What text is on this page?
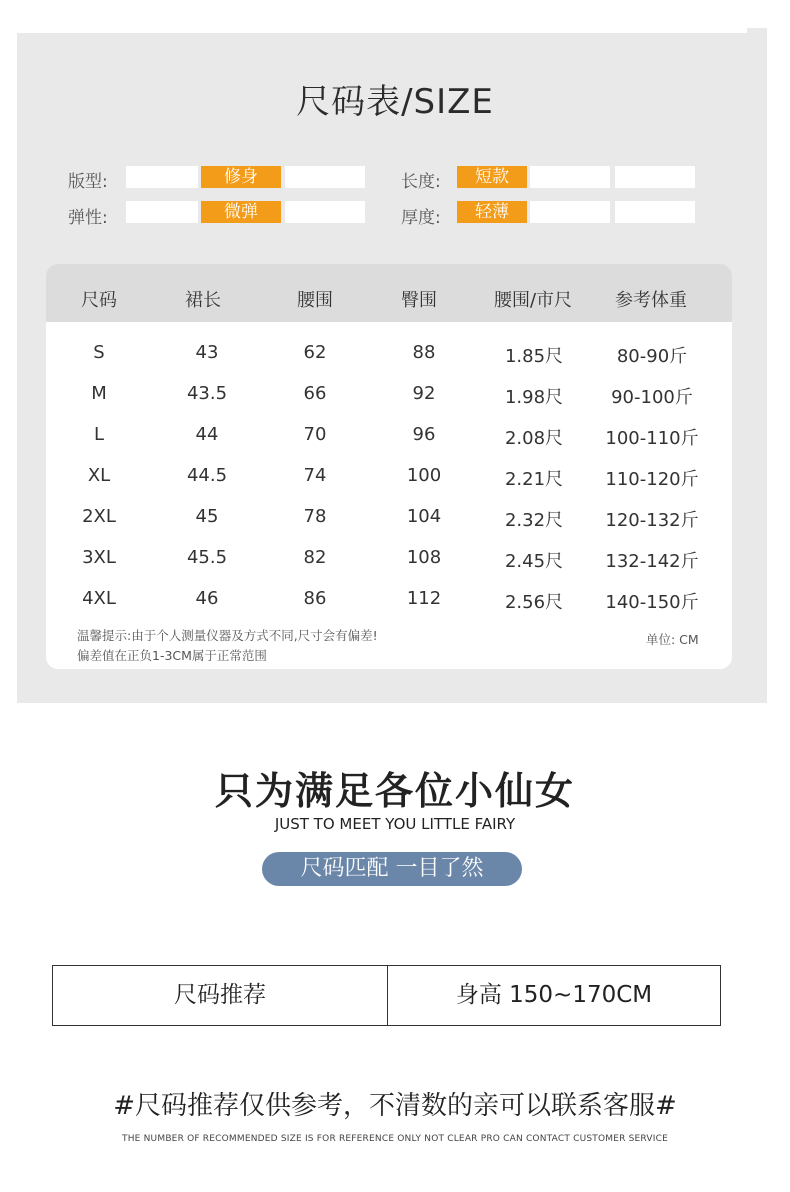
尺码表/SIZE
版型:	修身	长度:	短款
弹性:	微弹	厚度:	轻薄
尺码	裙长	腰围	臀围	腰围/市尺	参考体重
S	43	62	88	1.85尺	80-90斤
M	43.5	66	92	1.98尺	90-100斤
L	44	70	96	2.08尺	100-110斤
XL	44.5	74	100	2.21尺	110-120斤
2XL	45	78	104	2.32尺	120-132斤
3XL	45.5	82	108	2.45尺	132-142斤
4XL	46	86	112	2.56尺	140-150斤
温馨提示:由于个人测量仪器及方式不同,尺寸会有偏差!
偏差值在正负1-3CM属于正常范围
单位: CM
只为满足各位小仙女
JUST TO MEET YOU LITTLE FAIRY
尺码匹配 一目了然
尺码推荐	身高 150~170CM
#尺码推荐仅供参考，不清数的亲可以联系客服#
THE NUMBER OF RECOMMENDED SIZE IS FOR REFERENCE ONLY NOT CLEAR PRO CAN CONTACT CUSTOMER SERVICE
